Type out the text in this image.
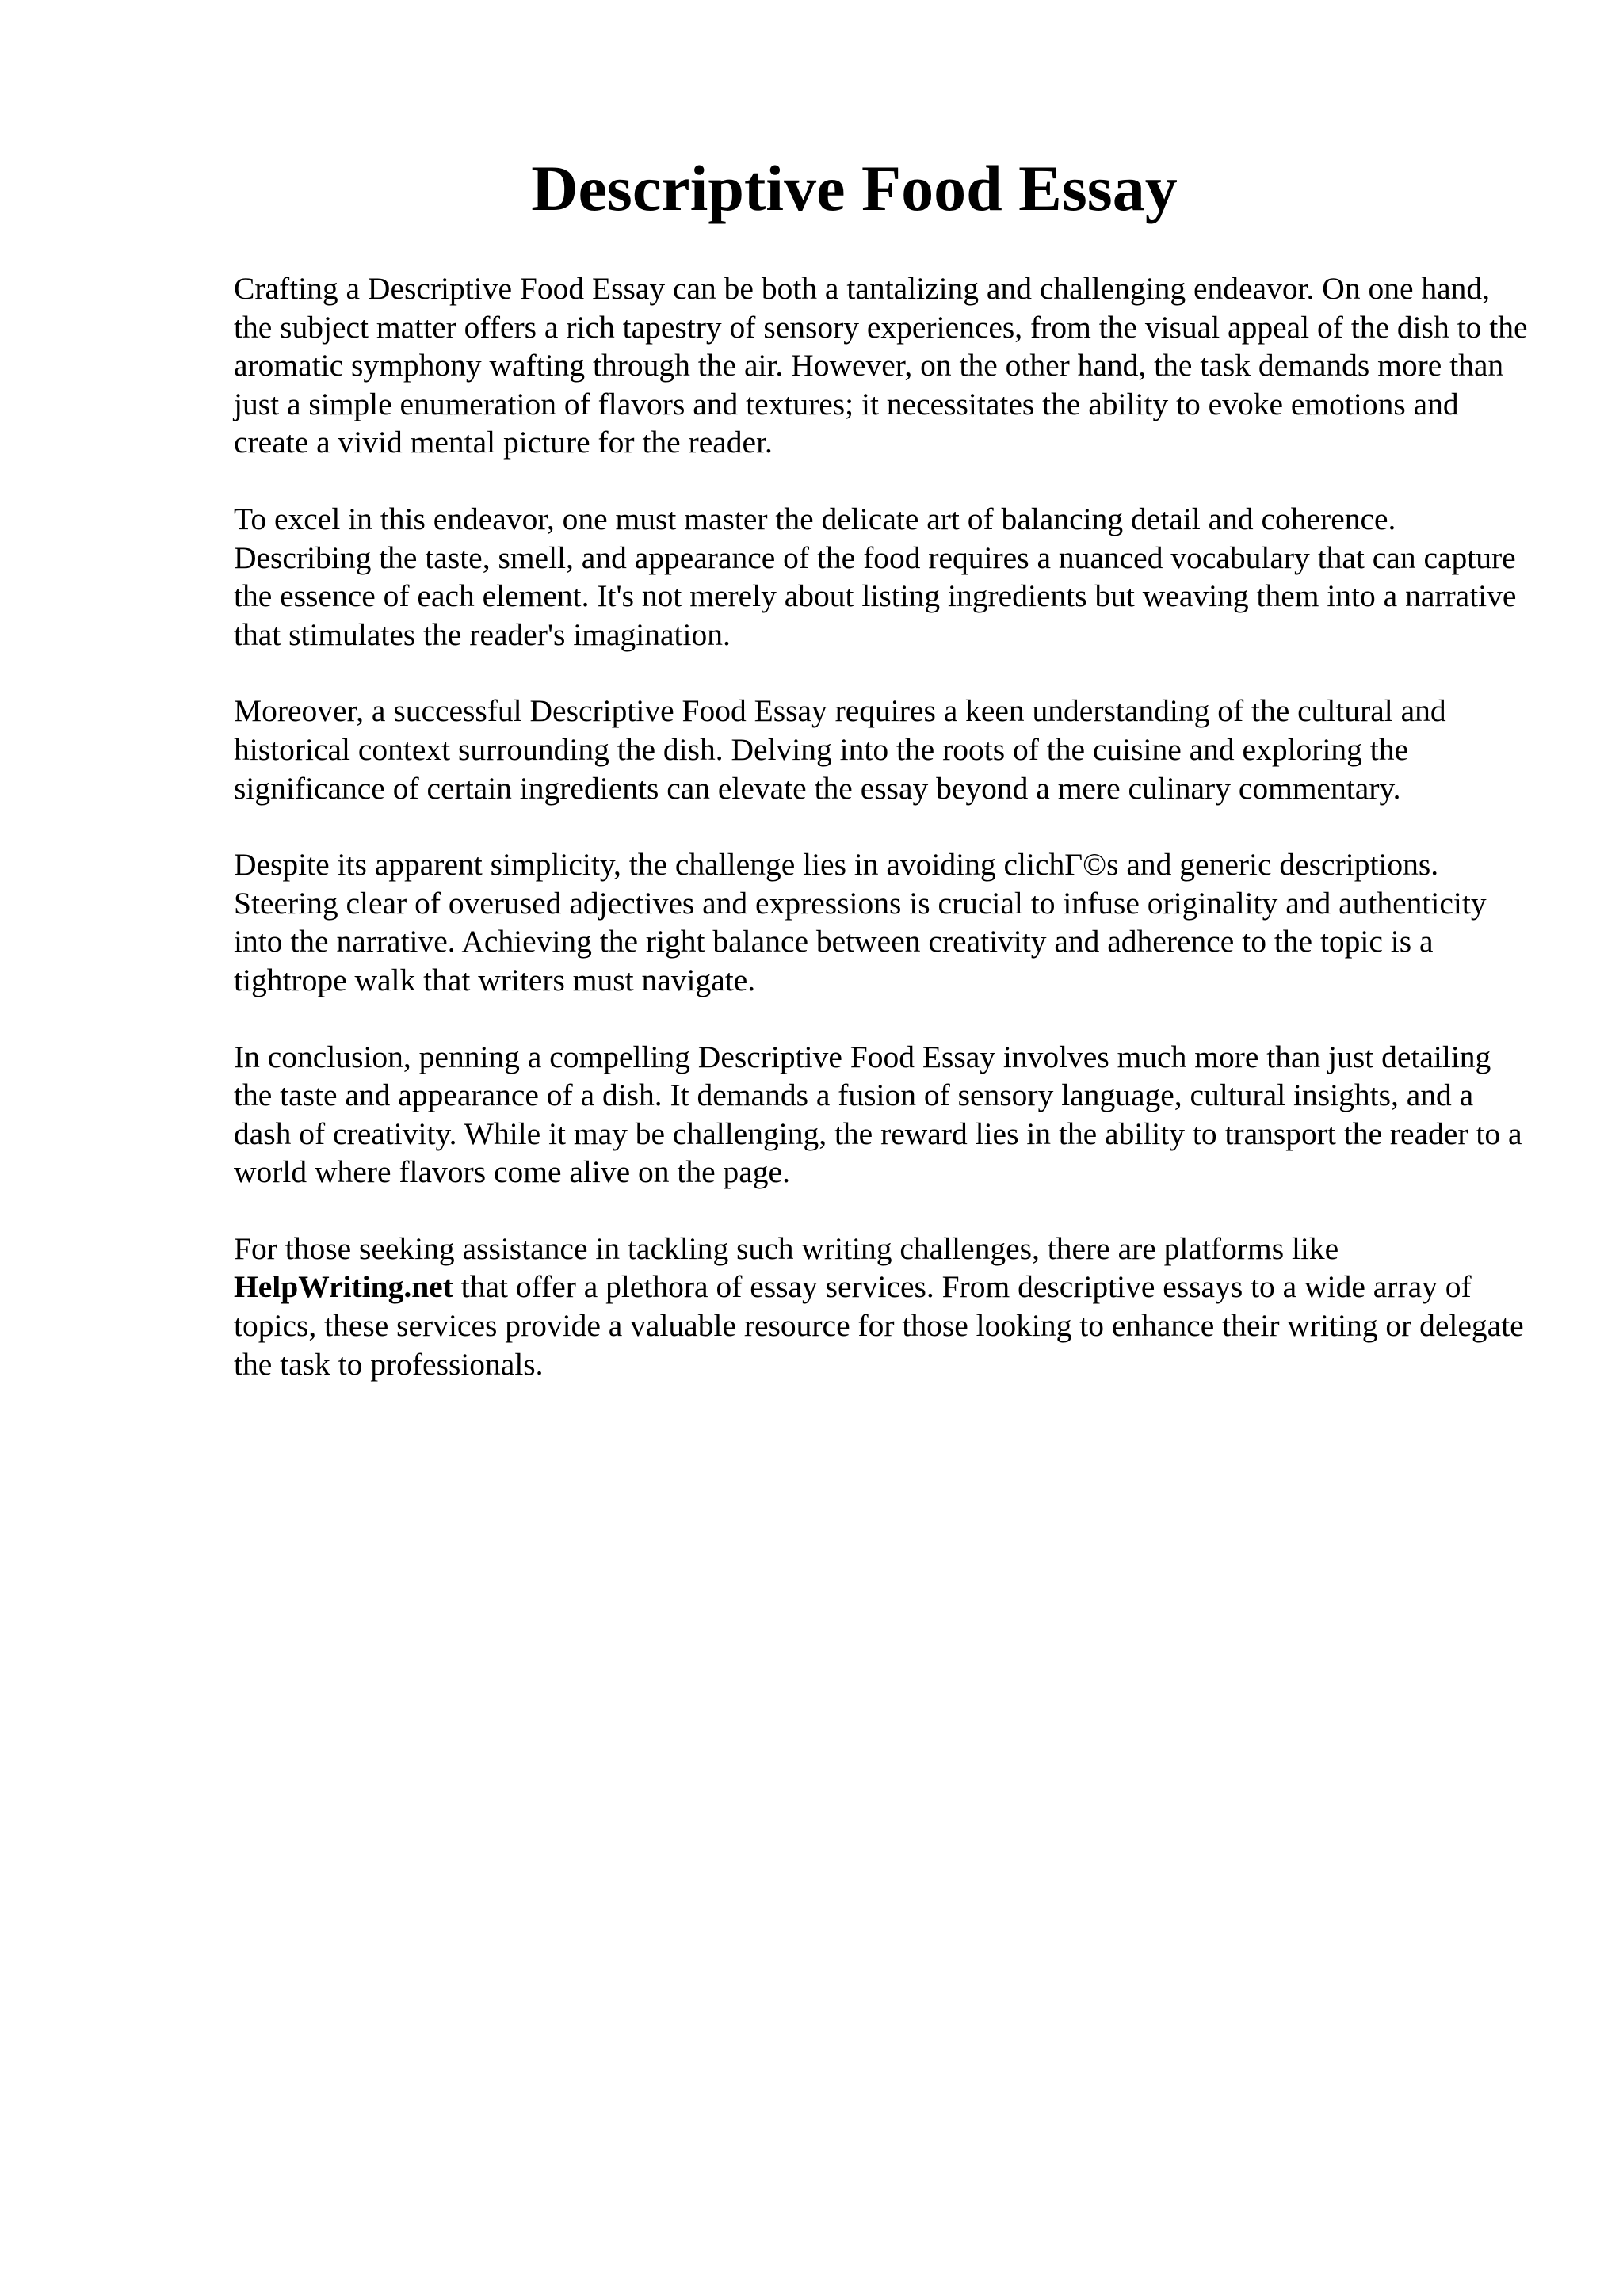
Descriptive Food Essay

Crafting a Descriptive Food Essay can be both a tantalizing and challenging endeavor. On one hand, the subject matter offers a rich tapestry of sensory experiences, from the visual appeal of the dish to the aromatic symphony wafting through the air. However, on the other hand, the task demands more than just a simple enumeration of flavors and textures; it necessitates the ability to evoke emotions and create a vivid mental picture for the reader.

To excel in this endeavor, one must master the delicate art of balancing detail and coherence. Describing the taste, smell, and appearance of the food requires a nuanced vocabulary that can capture the essence of each element. It's not merely about listing ingredients but weaving them into a narrative that stimulates the reader's imagination.

Moreover, a successful Descriptive Food Essay requires a keen understanding of the cultural and historical context surrounding the dish. Delving into the roots of the cuisine and exploring the significance of certain ingredients can elevate the essay beyond a mere culinary commentary.

Despite its apparent simplicity, the challenge lies in avoiding clichΓ©s and generic descriptions. Steering clear of overused adjectives and expressions is crucial to infuse originality and authenticity into the narrative. Achieving the right balance between creativity and adherence to the topic is a tightrope walk that writers must navigate.

In conclusion, penning a compelling Descriptive Food Essay involves much more than just detailing the taste and appearance of a dish. It demands a fusion of sensory language, cultural insights, and a dash of creativity. While it may be challenging, the reward lies in the ability to transport the reader to a world where flavors come alive on the page.

For those seeking assistance in tackling such writing challenges, there are platforms like HelpWriting.net that offer a plethora of essay services. From descriptive essays to a wide array of topics, these services provide a valuable resource for those looking to enhance their writing or delegate the task to professionals.
